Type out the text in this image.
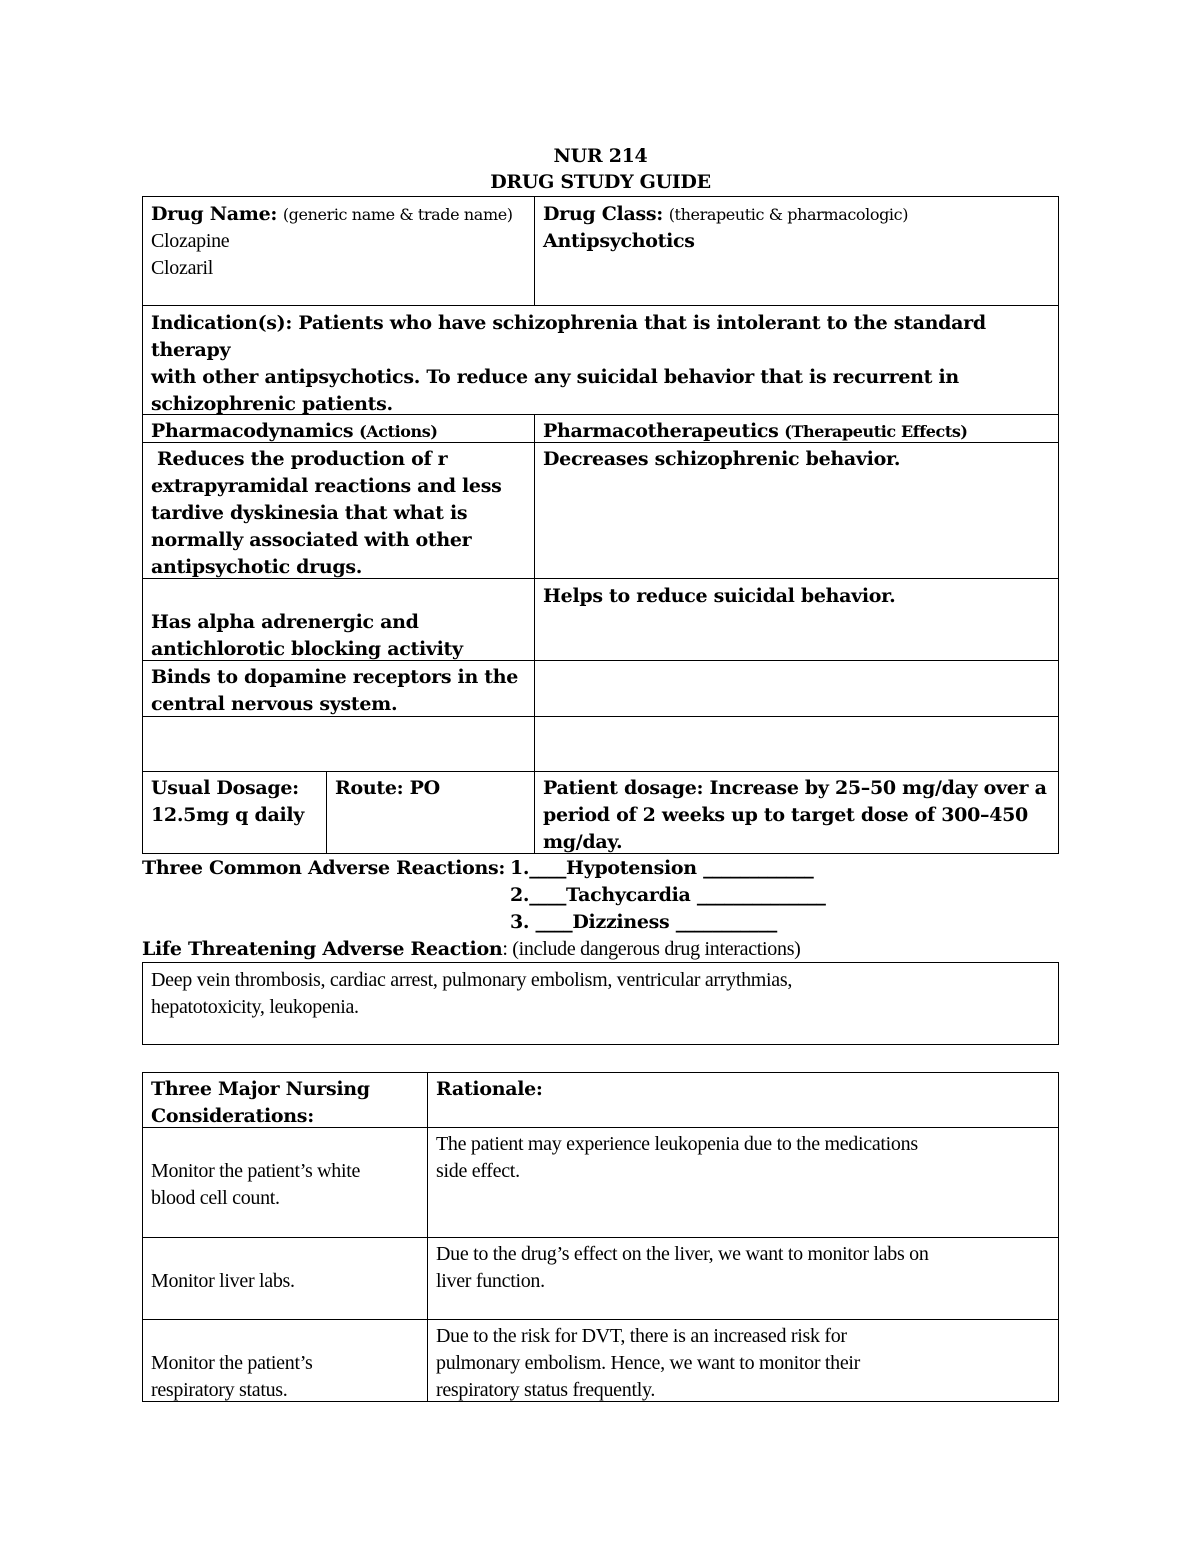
NUR 214
DRUG STUDY GUIDE
Drug Name: (generic name & trade name)
Clozapine
Clozaril
Drug Class: (therapeutic & pharmacologic)
Antipsychotics
Indication(s): Patients who have schizophrenia that is intolerant to the standard therapy
with other antipsychotics. To reduce any suicidal behavior that is recurrent in
schizophrenic patients.
Pharmacodynamics (Actions)	Pharmacotherapeutics (Therapeutic Effects)
Reduces the production of r
extrapyramidal reactions and less
tardive dyskinesia that what is
normally associated with other
antipsychotic drugs.
Decreases schizophrenic behavior.
Has alpha adrenergic and
antichlorotic blocking activity
Helps to reduce suicidal behavior.
Binds to dopamine receptors in the
central nervous system.
Usual Dosage:
12.5mg q daily
Route: PO	Patient dosage: Increase by 25–50 mg/day over a
period of 2 weeks up to target dose of 300–450
mg/day.
Three Common Adverse Reactions: 1.____Hypotension ____________
2.____Tachycardia ______________
3. ____Dizziness ___________
Life Threatening Adverse Reaction: (include dangerous drug interactions)
Deep vein thrombosis, cardiac arrest, pulmonary embolism, ventricular arrythmias,
hepatotoxicity, leukopenia.
Three Major Nursing
Considerations:
Rationale:
Monitor the patient’s white
blood cell count.
The patient may experience leukopenia due to the medications
side effect.
Monitor liver labs.
Due to the drug’s effect on the liver, we want to monitor labs on
liver function.
Monitor the patient’s
respiratory status.
Due to the risk for DVT, there is an increased risk for
pulmonary embolism. Hence, we want to monitor their
respiratory status frequently.
